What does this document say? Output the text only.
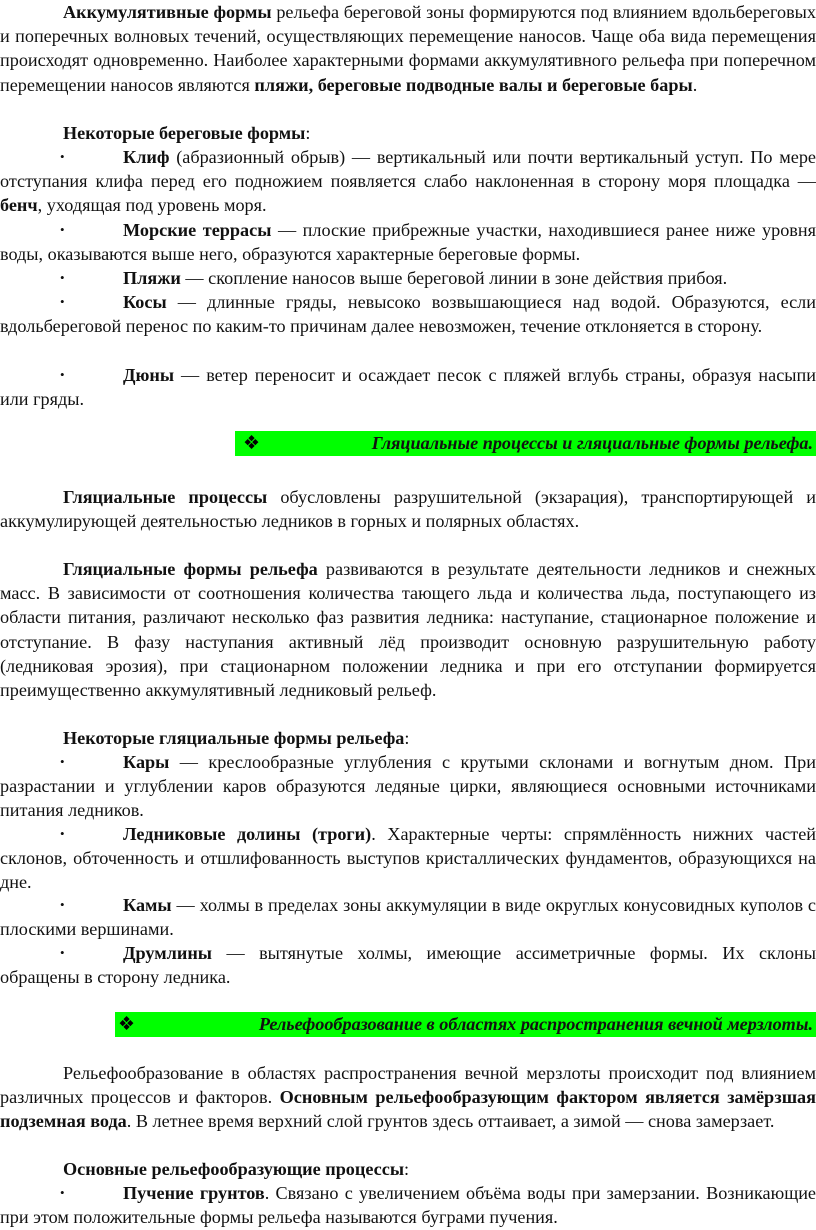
Аккумулятивные формы рельефа береговой зоны формируются под влиянием вдольбереговых и поперечных волновых течений, осуществляющих перемещение наносов. Чаще оба вида перемещения происходят одновременно. Наиболее характерными формами аккумулятивного рельефа при поперечном перемещении наносов являются пляжи, береговые подводные валы и береговые бары.

Некоторые береговые формы:

•	Клиф (абразионный обрыв) — вертикальный или почти вертикальный уступ. По мере отступания клифа перед его подножием появляется слабо наклоненная в сторону моря площадка — бенч, уходящая под уровень моря.

•	Морские террасы — плоские прибрежные участки, находившиеся ранее ниже уровня воды, оказываются выше него, образуются характерные береговые формы.

•	Пляжи — скопление наносов выше береговой линии в зоне действия прибоя.

•	Косы — длинные гряды, невысоко возвышающиеся над водой. Образуются, если вдольбереговой перенос по каким-то причинам далее невозможен, течение отклоняется в сторону.

•	Дюны — ветер переносит и осаждает песок с пляжей вглубь страны, образуя насыпи или гряды.

❖	Гляциальные процессы и гляциальные формы рельефа.

Гляциальные процессы обусловлены разрушительной (экзарация), транспортирующей и аккумулирующей деятельностью ледников в горных и полярных областях.

Гляциальные формы рельефа развиваются в результате деятельности ледников и снежных масс. В зависимости от соотношения количества тающего льда и количества льда, поступающего из области питания, различают несколько фаз развития ледника: наступание, стационарное положение и отступание. В фазу наступания активный лёд производит основную разрушительную работу (ледниковая эрозия), при стационарном положении ледника и при его отступании формируется преимущественно аккумулятивный ледниковый рельеф.

Некоторые гляциальные формы рельефа:

•	Кары — креслообразные углубления с крутыми склонами и вогнутым дном. При разрастании и углублении каров образуются ледяные цирки, являющиеся основными источниками питания ледников.

•	Ледниковые долины (троги). Характерные черты: спрямлённость нижних частей склонов, обточенность и отшлифованность выступов кристаллических фундаментов, образующихся на дне.

•	Камы — холмы в пределах зоны аккумуляции в виде округлых конусовидных куполов с плоскими вершинами.

•	Друмлины — вытянутые холмы, имеющие ассиметричные формы. Их склоны обращены в сторону ледника.

❖	Рельефообразование в областях распространения вечной мерзлоты.

Рельефообразование в областях распространения вечной мерзлоты происходит под влиянием различных процессов и факторов. Основным рельефообразующим фактором является замёрзшая подземная вода. В летнее время верхний слой грунтов здесь оттаивает, а зимой — снова замерзает.

Основные рельефообразующие процессы:

•	Пучение грунтов. Связано с увеличением объёма воды при замерзании. Возникающие при этом положительные формы рельефа называются буграми пучения.
